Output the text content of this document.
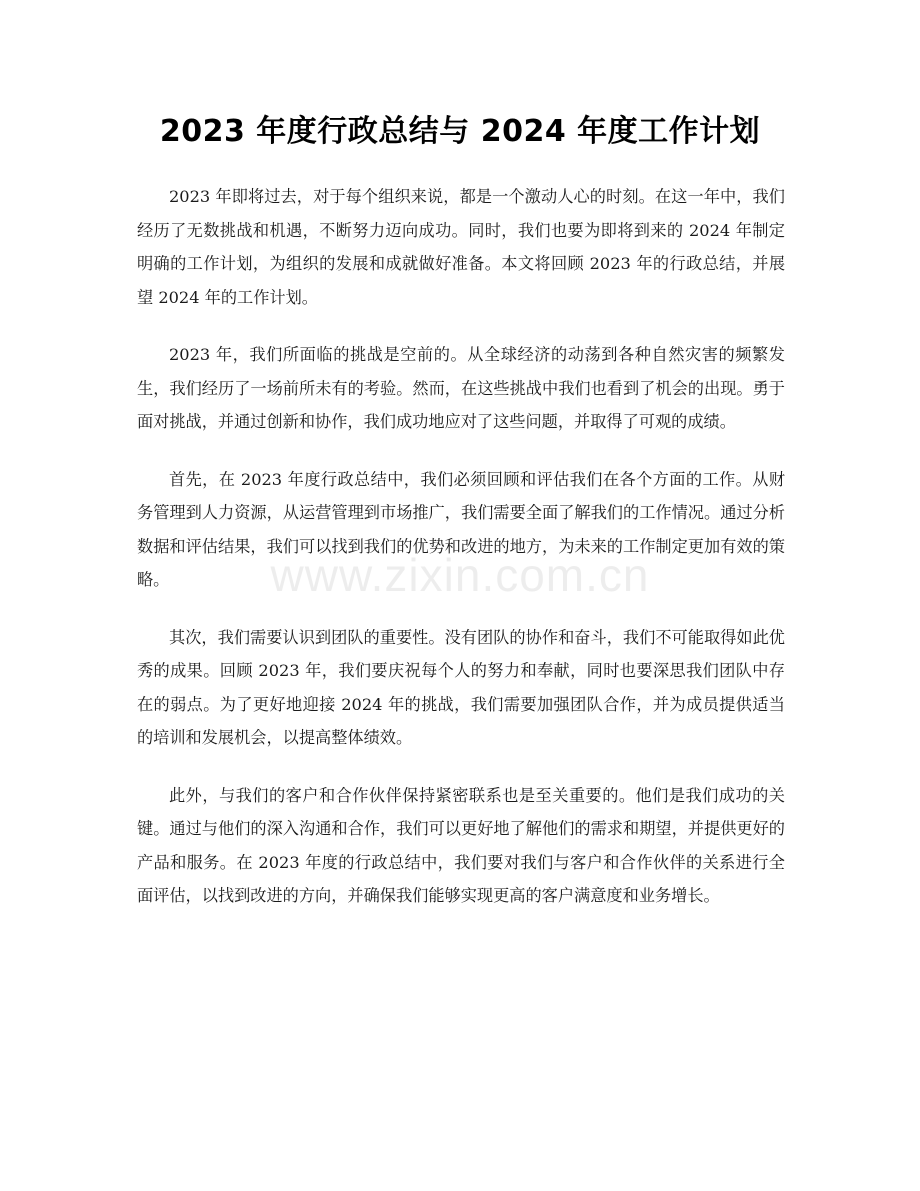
2023 年度行政总结与 2024 年度工作计划

2023 年即将过去，对于每个组织来说，都是一个激动人心的时刻。在这一年中，我们经历了无数挑战和机遇，不断努力迈向成功。同时，我们也要为即将到来的 2024 年制定明确的工作计划，为组织的发展和成就做好准备。本文将回顾 2023 年的行政总结，并展望 2024 年的工作计划。

2023 年，我们所面临的挑战是空前的。从全球经济的动荡到各种自然灾害的频繁发生，我们经历了一场前所未有的考验。然而，在这些挑战中我们也看到了机会的出现。勇于面对挑战，并通过创新和协作，我们成功地应对了这些问题，并取得了可观的成绩。

首先，在 2023 年度行政总结中，我们必须回顾和评估我们在各个方面的工作。从财务管理到人力资源，从运营管理到市场推广，我们需要全面了解我们的工作情况。通过分析数据和评估结果，我们可以找到我们的优势和改进的地方，为未来的工作制定更加有效的策略。

其次，我们需要认识到团队的重要性。没有团队的协作和奋斗，我们不可能取得如此优秀的成果。回顾 2023 年，我们要庆祝每个人的努力和奉献，同时也要深思我们团队中存在的弱点。为了更好地迎接 2024 年的挑战，我们需要加强团队合作，并为成员提供适当的培训和发展机会，以提高整体绩效。

此外，与我们的客户和合作伙伴保持紧密联系也是至关重要的。他们是我们成功的关键。通过与他们的深入沟通和合作，我们可以更好地了解他们的需求和期望，并提供更好的产品和服务。在 2023 年度的行政总结中，我们要对我们与客户和合作伙伴的关系进行全面评估，以找到改进的方向，并确保我们能够实现更高的客户满意度和业务增长。

www.zixin.com.cn
